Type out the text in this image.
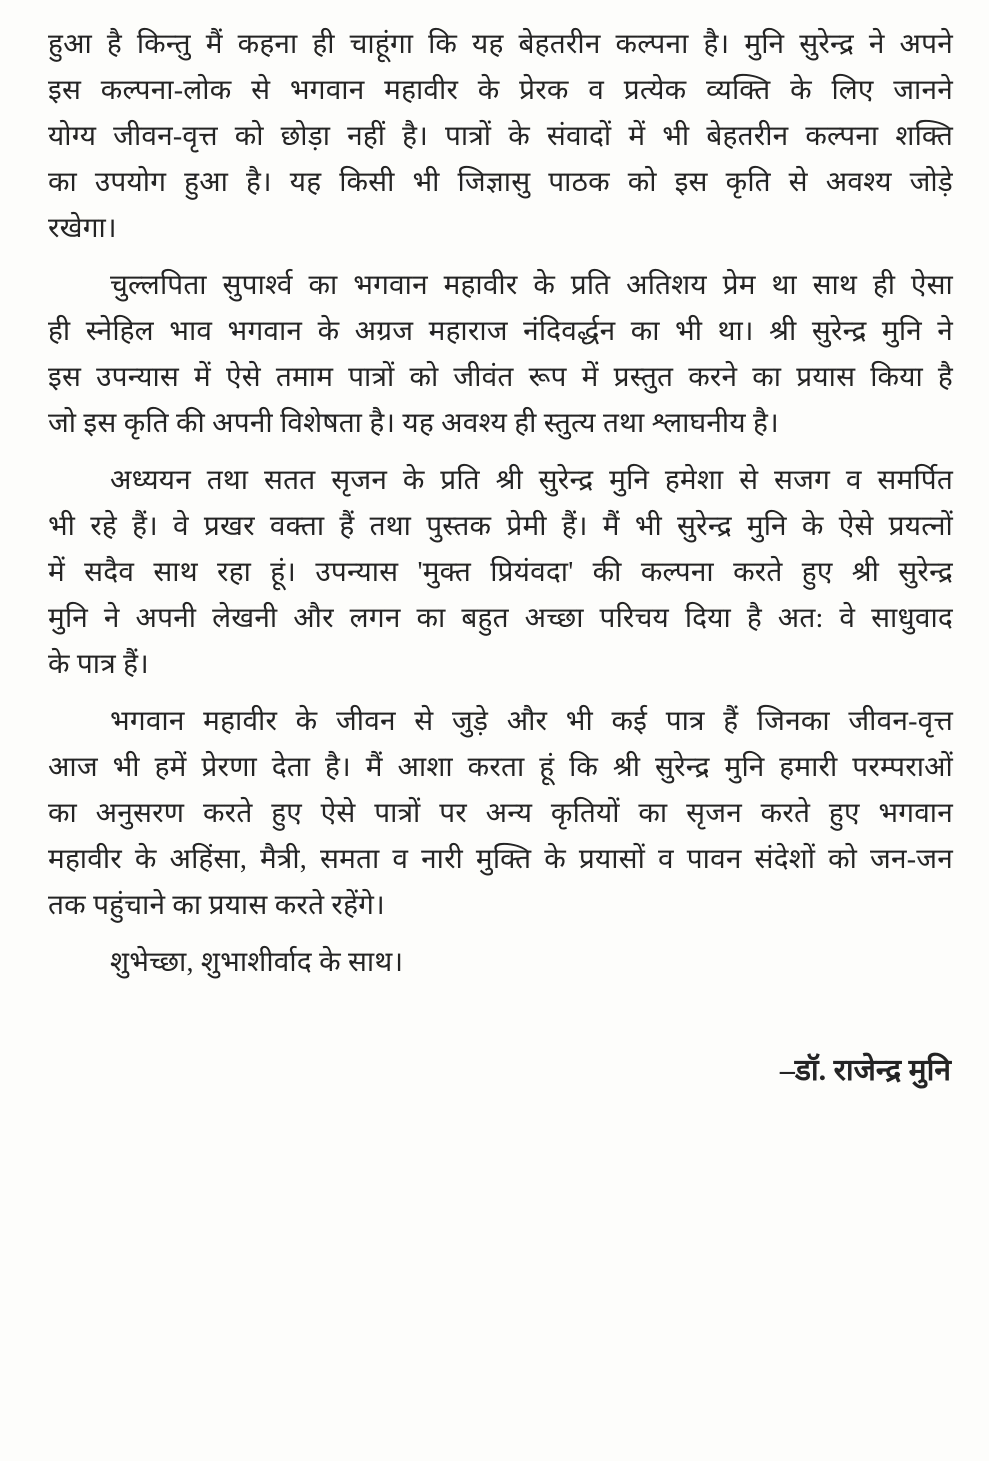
हुआ है किन्तु मैं कहना ही चाहूंगा कि यह बेहतरीन कल्पना है। मुनि सुरेन्द्र ने अपने
इस कल्पना-लोक से भगवान महावीर के प्रेरक व प्रत्येक व्यक्ति के लिए जानने
योग्य जीवन-वृत्त को छोड़ा नहीं है। पात्रों के संवादों में भी बेहतरीन कल्पना शक्ति
का उपयोग हुआ है। यह किसी भी जिज्ञासु पाठक को इस कृति से अवश्य जोड़े
रखेगा।
चुल्लपिता सुपार्श्व का भगवान महावीर के प्रति अतिशय प्रेम था साथ ही ऐसा
ही स्नेहिल भाव भगवान के अग्रज महाराज नंदिवर्द्धन का भी था। श्री सुरेन्द्र मुनि ने
इस उपन्यास में ऐसे तमाम पात्रों को जीवंत रूप में प्रस्तुत करने का प्रयास किया है
जो इस कृति की अपनी विशेषता है। यह अवश्य ही स्तुत्य तथा श्लाघनीय है।
अध्ययन तथा सतत सृजन के प्रति श्री सुरेन्द्र मुनि हमेशा से सजग व समर्पित
भी रहे हैं। वे प्रखर वक्ता हैं तथा पुस्तक प्रेमी हैं। मैं भी सुरेन्द्र मुनि के ऐसे प्रयत्नों
में सदैव साथ रहा हूं। उपन्यास 'मुक्त प्रियंवदा' की कल्पना करते हुए श्री सुरेन्द्र
मुनि ने अपनी लेखनी और लगन का बहुत अच्छा परिचय दिया है अत: वे साधुवाद
के पात्र हैं।
भगवान महावीर के जीवन से जुड़े और भी कई पात्र हैं जिनका जीवन-वृत्त
आज भी हमें प्रेरणा देता है। मैं आशा करता हूं कि श्री सुरेन्द्र मुनि हमारी परम्पराओं
का अनुसरण करते हुए ऐसे पात्रों पर अन्य कृतियों का सृजन करते हुए भगवान
महावीर के अहिंसा, मैत्री, समता व नारी मुक्ति के प्रयासों व पावन संदेशों को जन-जन
तक पहुंचाने का प्रयास करते रहेंगे।
शुभेच्छा, शुभाशीर्वाद के साथ।
–डॉ. राजेन्द्र मुनि
